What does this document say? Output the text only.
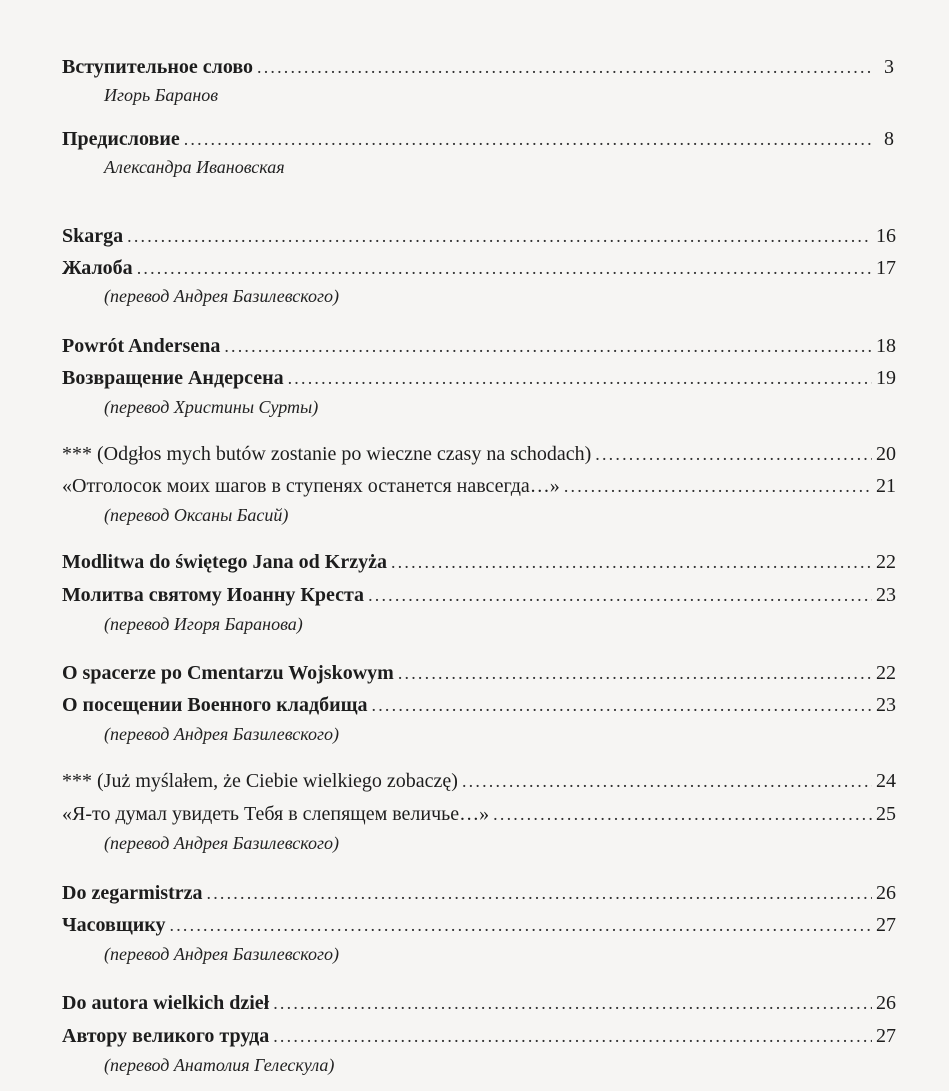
Вступительное слово .....	3
Игорь Баранов
Предисловие .....	8
Александра Ивановская
Skarga .....	16
Жалоба .....	17
(перевод Андрея Базилевского)
Powrót Andersena .....	18
Возвращение Андерсена .....	19
(перевод Христины Сурты)
*** (Odgłos mych butów zostanie po wieczne czasy na schodach) .....	20
«Отголосок моих шагов в ступенях останется навсегда…» .....	21
(перевод Оксаны Басий)
Modlitwa do świętego Jana od Krzyża .....	22
Молитва святому Иоанну Креста .....	23
(перевод Игоря Баранова)
O spacerze po Cmentarzu Wojskowym .....	22
О посещении Военного кладбища .....	23
(перевод Андрея Базилевского)
*** (Już myślałem, że Ciebie wielkiego zobaczę) .....	24
«Я-то думал увидеть Тебя в слепящем величье…» .....	25
(перевод Андрея Базилевского)
Do zegarmistrza .....	26
Часовщику .....	27
(перевод Андрея Базилевского)
Do autora wielkich dzieł .....	26
Автору великого труда .....	27
(перевод Анатолия Гелескула)
